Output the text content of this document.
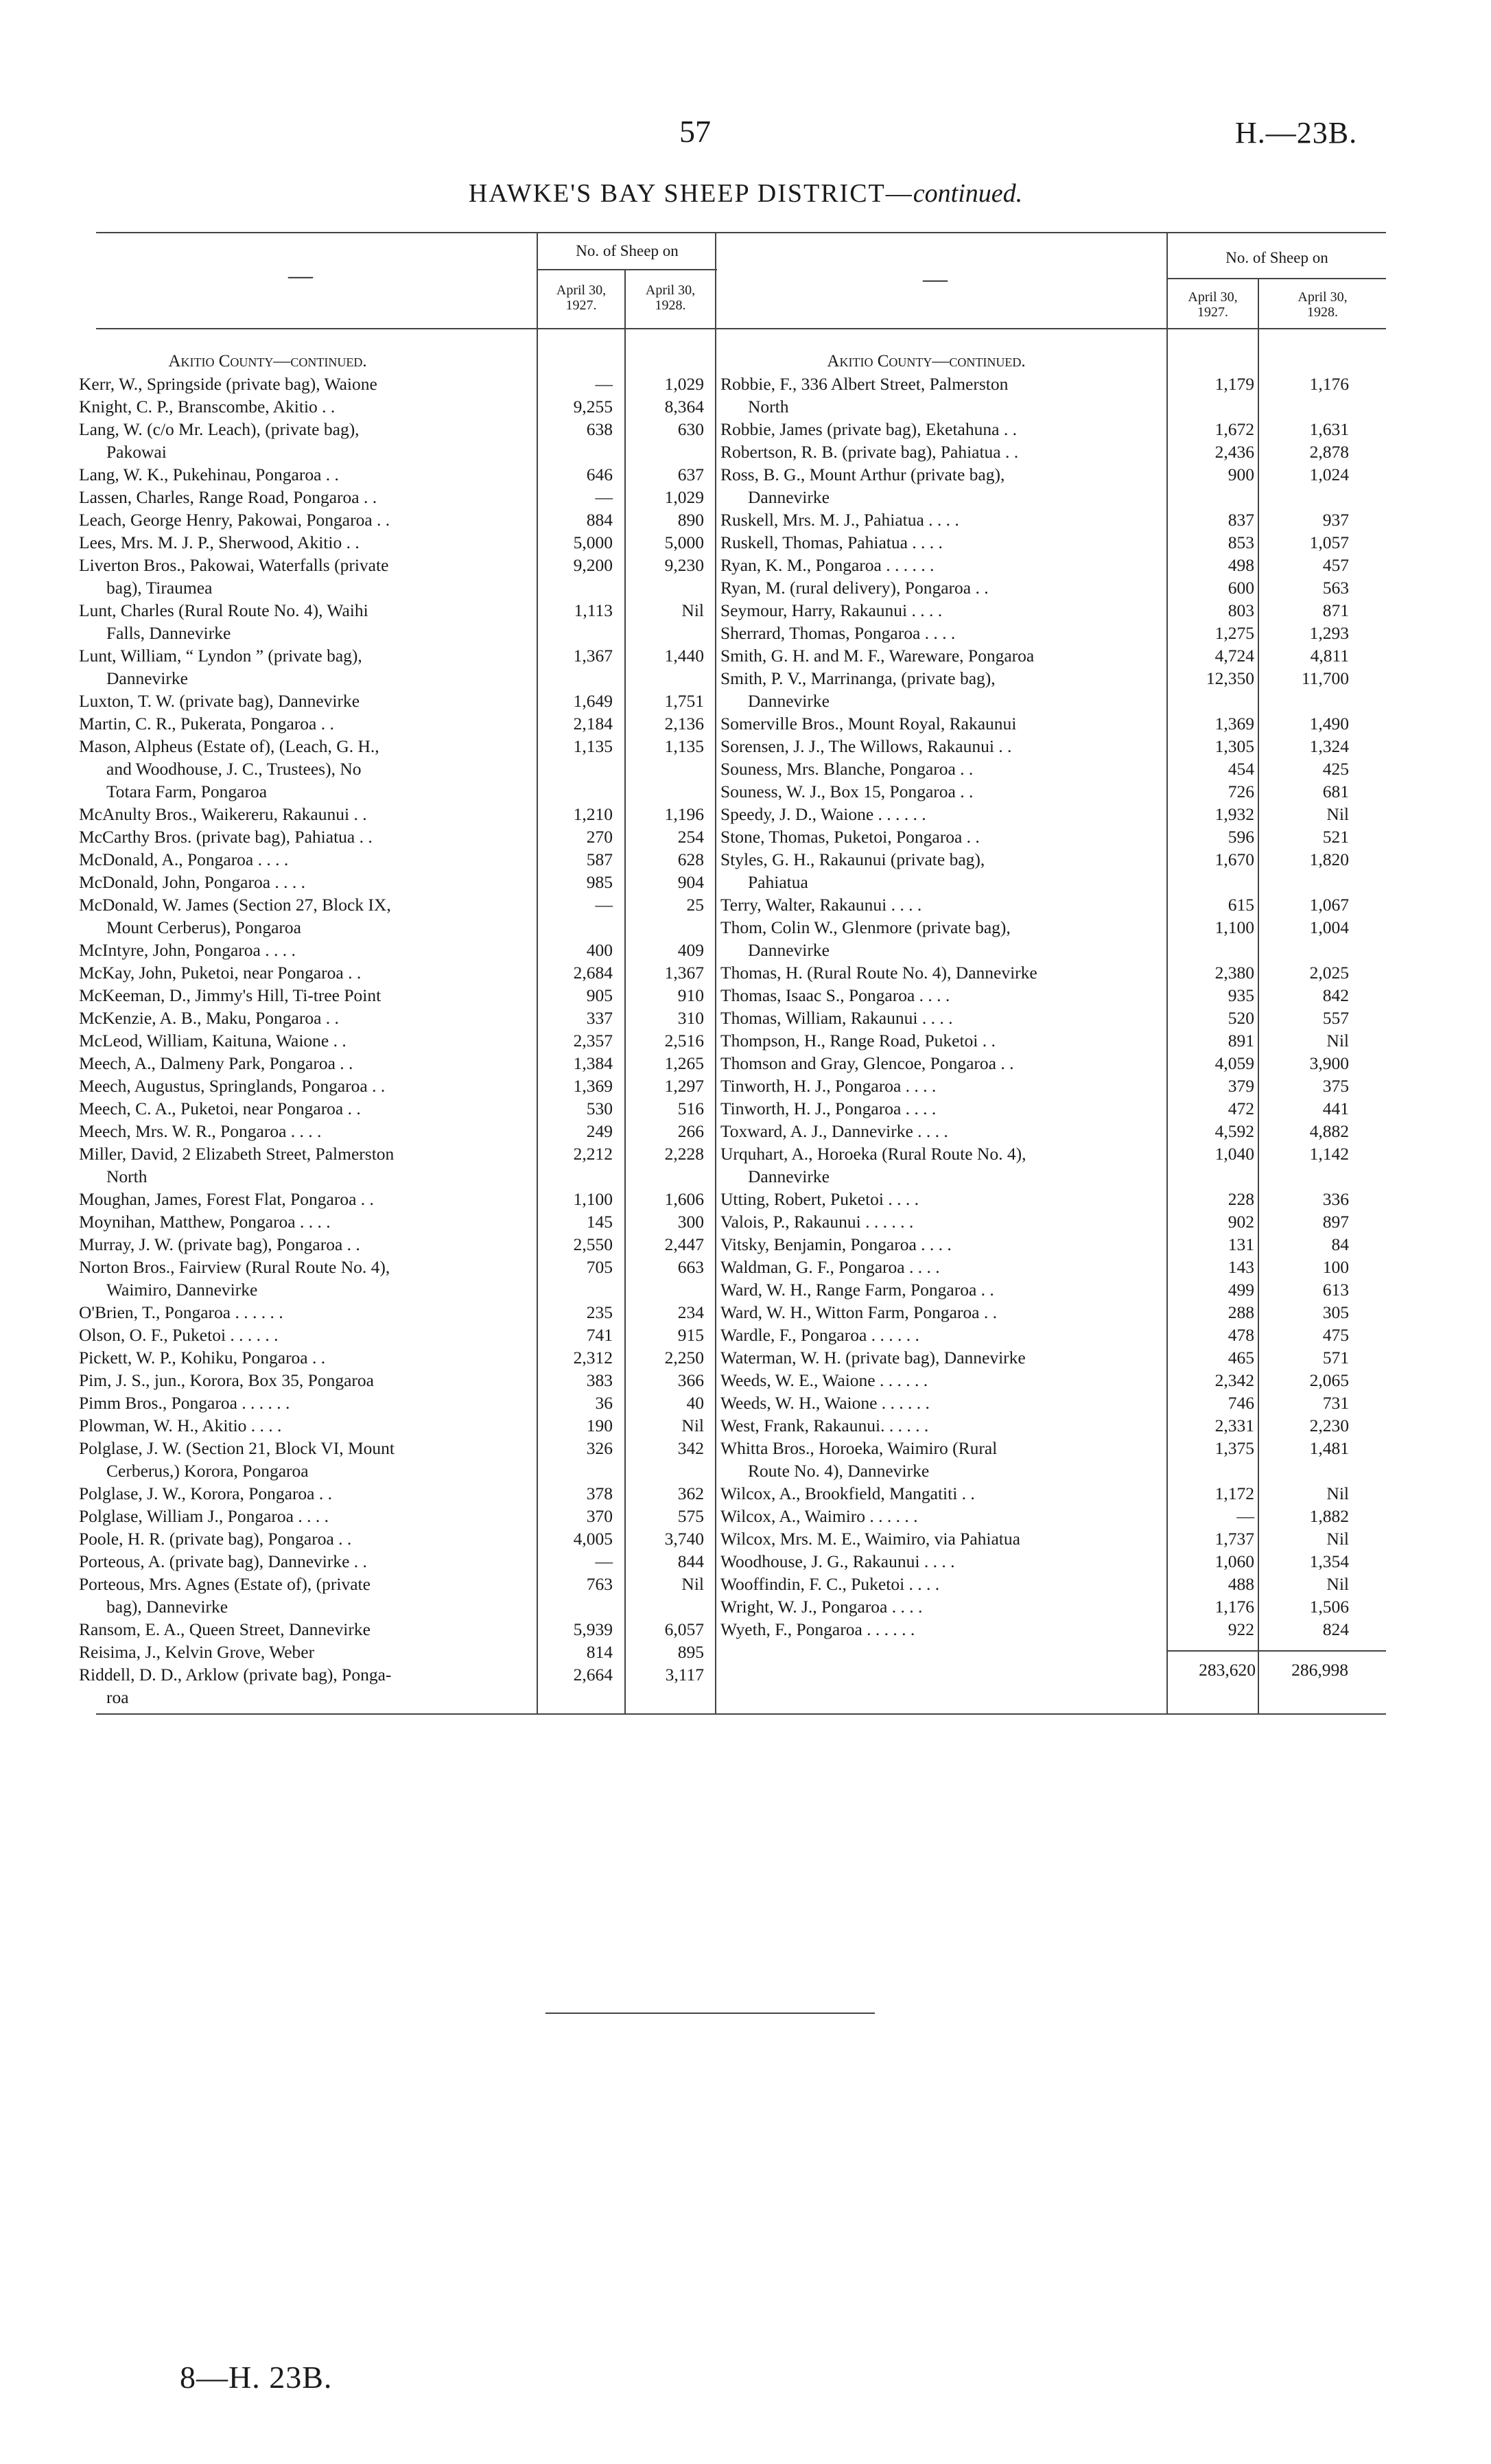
57	H.—23B.
HAWKE'S BAY SHEEP DISTRICT—continued.
—
No. of Sheep on
April 30,
1927.
April 30,
1928.
—
No. of Sheep on
April 30,
1927.
April 30,
1928.
Akitio County—continued.
Kerr, W., Springside (private bag), Waione	—	1,029
Knight, C. P., Branscombe, Akitio . .	9,255	8,364
Lang, W. (c/o Mr. Leach), (private bag),
Pakowai
638	630
Lang, W. K., Pukehinau, Pongaroa . .	646	637
Lassen, Charles, Range Road, Pongaroa . .	—	1,029
Leach, George Henry, Pakowai, Pongaroa . .	884	890
Lees, Mrs. M. J. P., Sherwood, Akitio . .	5,000	5,000
Liverton Bros., Pakowai, Waterfalls (private
bag), Tiraumea
9,200	9,230
Lunt, Charles (Rural Route No. 4), Waihi
Falls, Dannevirke
1,113	Nil
Lunt, William, “ Lyndon ” (private bag),
Dannevirke
1,367	1,440
Luxton, T. W. (private bag), Dannevirke	1,649	1,751
Martin, C. R., Pukerata, Pongaroa . .	2,184	2,136
Mason, Alpheus (Estate of), (Leach, G. H.,
and Woodhouse, J. C., Trustees), No
Totara Farm, Pongaroa
1,135	1,135
McAnulty Bros., Waikereru, Rakaunui . .	1,210	1,196
McCarthy Bros. (private bag), Pahiatua . .	270	254
McDonald, A., Pongaroa . . . .	587	628
McDonald, John, Pongaroa . . . .	985	904
McDonald, W. James (Section 27, Block IX,
Mount Cerberus), Pongaroa
—	25
McIntyre, John, Pongaroa . . . .	400	409
McKay, John, Puketoi, near Pongaroa . .	2,684	1,367
McKeeman, D., Jimmy's Hill, Ti-tree Point	905	910
McKenzie, A. B., Maku, Pongaroa . .	337	310
McLeod, William, Kaituna, Waione . .	2,357	2,516
Meech, A., Dalmeny Park, Pongaroa . .	1,384	1,265
Meech, Augustus, Springlands, Pongaroa . .	1,369	1,297
Meech, C. A., Puketoi, near Pongaroa . .	530	516
Meech, Mrs. W. R., Pongaroa . . . .	249	266
Miller, David, 2 Elizabeth Street, Palmerston
North
2,212	2,228
Moughan, James, Forest Flat, Pongaroa . .	1,100	1,606
Moynihan, Matthew, Pongaroa . . . .	145	300
Murray, J. W. (private bag), Pongaroa . .	2,550	2,447
Norton Bros., Fairview (Rural Route No. 4),
Waimiro, Dannevirke
705	663
O'Brien, T., Pongaroa . . . . . .	235	234
Olson, O. F., Puketoi . . . . . .	741	915
Pickett, W. P., Kohiku, Pongaroa . .	2,312	2,250
Pim, J. S., jun., Korora, Box 35, Pongaroa	383	366
Pimm Bros., Pongaroa . . . . . .	36	40
Plowman, W. H., Akitio . . . .	190	Nil
Polglase, J. W. (Section 21, Block VI, Mount
Cerberus,) Korora, Pongaroa
326	342
Polglase, J. W., Korora, Pongaroa . .	378	362
Polglase, William J., Pongaroa . . . .	370	575
Poole, H. R. (private bag), Pongaroa . .	4,005	3,740
Porteous, A. (private bag), Dannevirke . .	—	844
Porteous, Mrs. Agnes (Estate of), (private
bag), Dannevirke
763	Nil
Ransom, E. A., Queen Street, Dannevirke	5,939	6,057
Reisima, J., Kelvin Grove, Weber	814	895
Riddell, D. D., Arklow (private bag), Ponga-
roa
2,664	3,117
Akitio County—continued.
Robbie, F., 336 Albert Street, Palmerston
North
1,179	1,176
Robbie, James (private bag), Eketahuna . .	1,672	1,631
Robertson, R. B. (private bag), Pahiatua . .	2,436	2,878
Ross, B. G., Mount Arthur (private bag),
Dannevirke
900	1,024
Ruskell, Mrs. M. J., Pahiatua . . . .	837	937
Ruskell, Thomas, Pahiatua . . . .	853	1,057
Ryan, K. M., Pongaroa . . . . . .	498	457
Ryan, M. (rural delivery), Pongaroa . .	600	563
Seymour, Harry, Rakaunui . . . .	803	871
Sherrard, Thomas, Pongaroa . . . .	1,275	1,293
Smith, G. H. and M. F., Wareware, Pongaroa	4,724	4,811
Smith, P. V., Marrinanga, (private bag),
Dannevirke
12,350	11,700
Somerville Bros., Mount Royal, Rakaunui	1,369	1,490
Sorensen, J. J., The Willows, Rakaunui . .	1,305	1,324
Souness, Mrs. Blanche, Pongaroa . .	454	425
Souness, W. J., Box 15, Pongaroa . .	726	681
Speedy, J. D., Waione . . . . . .	1,932	Nil
Stone, Thomas, Puketoi, Pongaroa . .	596	521
Styles, G. H., Rakaunui (private bag),
Pahiatua
1,670	1,820
Terry, Walter, Rakaunui . . . .	615	1,067
Thom, Colin W., Glenmore (private bag),
Dannevirke
1,100	1,004
Thomas, H. (Rural Route No. 4), Dannevirke	2,380	2,025
Thomas, Isaac S., Pongaroa . . . .	935	842
Thomas, William, Rakaunui . . . .	520	557
Thompson, H., Range Road, Puketoi . .	891	Nil
Thomson and Gray, Glencoe, Pongaroa . .	4,059	3,900
Tinworth, H. J., Pongaroa . . . .	379	375
Tinworth, H. J., Pongaroa . . . .	472	441
Toxward, A. J., Dannevirke . . . .	4,592	4,882
Urquhart, A., Horoeka (Rural Route No. 4),
Dannevirke
1,040	1,142
Utting, Robert, Puketoi . . . .	228	336
Valois, P., Rakaunui . . . . . .	902	897
Vitsky, Benjamin, Pongaroa . . . .	131	84
Waldman, G. F., Pongaroa . . . .	143	100
Ward, W. H., Range Farm, Pongaroa . .	499	613
Ward, W. H., Witton Farm, Pongaroa . .	288	305
Wardle, F., Pongaroa . . . . . .	478	475
Waterman, W. H. (private bag), Dannevirke	465	571
Weeds, W. E., Waione . . . . . .	2,342	2,065
Weeds, W. H., Waione . . . . . .	746	731
West, Frank, Rakaunui. . . . . .	2,331	2,230
Whitta Bros., Horoeka, Waimiro (Rural
Route No. 4), Dannevirke
1,375	1,481
Wilcox, A., Brookfield, Mangatiti . .	1,172	Nil
Wilcox, A., Waimiro . . . . . .	—	1,882
Wilcox, Mrs. M. E., Waimiro, via Pahiatua	1,737	Nil
Woodhouse, J. G., Rakaunui . . . .	1,060	1,354
Wooffindin, F. C., Puketoi . . . .	488	Nil
Wright, W. J., Pongaroa . . . .	1,176	1,506
Wyeth, F., Pongaroa . . . . . .	922	824

283,620	286,998
8—H. 23B.
